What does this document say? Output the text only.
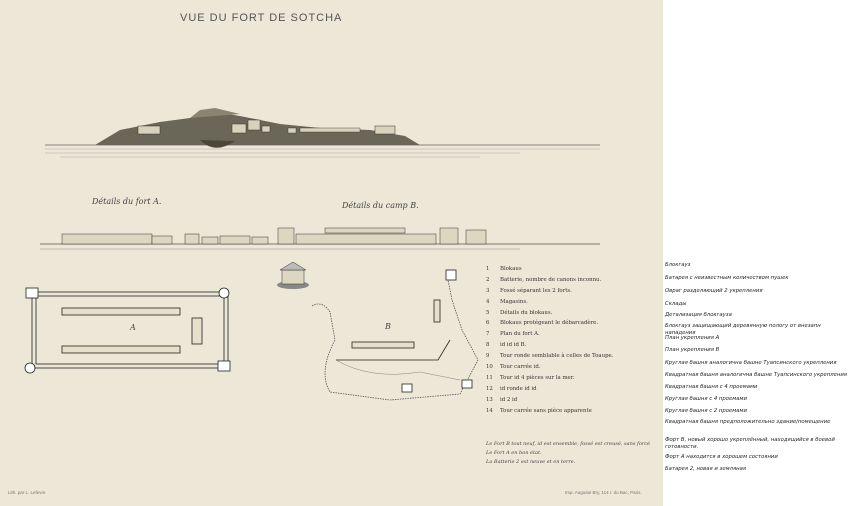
VUE DU FORT DE SOTCHA
Détails du fort A.	Détails du camp B.
A	B
1	Blokaus
2	Batterie, nombre de canons inconnu.
3	Fossé séparant les 2 forts.
4	Magasins.
5	Détails du blokaus.
6	Blokaus protégeant le débarcadère.
7	Plan du fort A.
8	id id id B.
9	Tour ronde semblable à celles de Toaupe.
10	Tour carrée id.
11	Tour id 4 pièces sur la mer.
12	id ronde id id
13	id 2 id
14	Tour carrée sans pièce apparente
Le Fort B tout neuf, id est ensemble, fossé est creusé, sans forcé
Le Fort A en bon état.
La Batterie 2 est neuve et en terre.
Lith. par L. Lefevre	Imp. Auguste Bry, 114 r. du Bac, Paris.
Блокгауз
Батарея с неизвестным количеством пушек
Овраг разделяющий 2 укрепления
Склады
Детализация блокгауза
Блокгауз защищающий деревянную пологу от внезапн нападения
План укрепления А
План укрепления В
Круглая башня аналогична башне Туапсинского укрепления
Квадратная башня аналогична башне Туапсинского укрепления
Квадратная башня с 4 проемами
Круглая башня с 4 проемами
Круглая башня с 2 проемами
Квадратная башня предположительно здание/помещение
Форт В, новый хорошо укреплённый, находящийся в боевой готовности.
Форт А находится в хорошем состоянии
Батарея 2, новая и земляная
